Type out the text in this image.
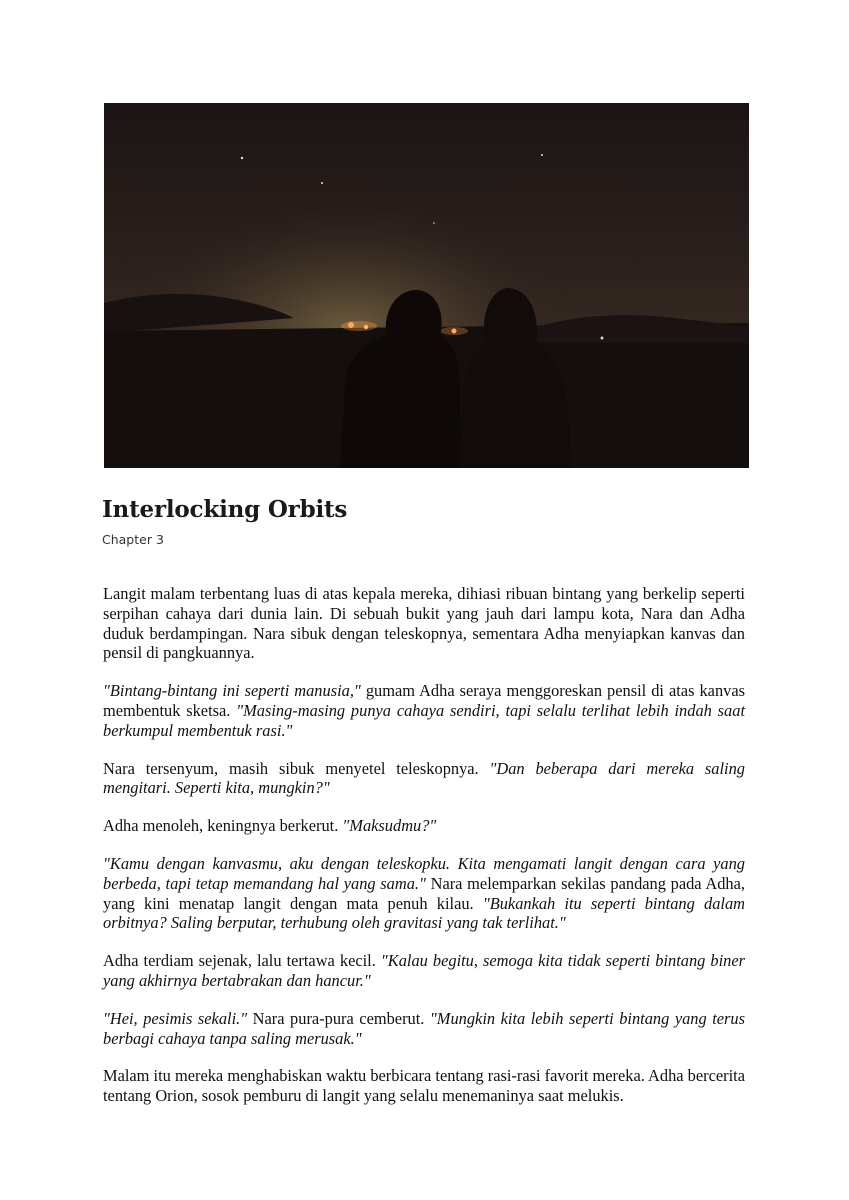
Interlocking Orbits
Chapter 3

Langit malam terbentang luas di atas kepala mereka, dihiasi ribuan bintang yang berkelip seperti serpihan cahaya dari dunia lain. Di sebuah bukit yang jauh dari lampu kota, Nara dan Adha duduk berdampingan. Nara sibuk dengan teleskopnya, sementara Adha menyiapkan kanvas dan pensil di pangkuannya.

"Bintang-bintang ini seperti manusia," gumam Adha seraya menggoreskan pensil di atas kanvas membentuk sketsa. "Masing-masing punya cahaya sendiri, tapi selalu terlihat lebih indah saat berkumpul membentuk rasi."

Nara tersenyum, masih sibuk menyetel teleskopnya. "Dan beberapa dari mereka saling mengitari. Seperti kita, mungkin?"

Adha menoleh, keningnya berkerut. "Maksudmu?"

"Kamu dengan kanvasmu, aku dengan teleskopku. Kita mengamati langit dengan cara yang berbeda, tapi tetap memandang hal yang sama." Nara melemparkan sekilas pandang pada Adha, yang kini menatap langit dengan mata penuh kilau. "Bukankah itu seperti bintang dalam orbitnya? Saling berputar, terhubung oleh gravitasi yang tak terlihat."

Adha terdiam sejenak, lalu tertawa kecil. "Kalau begitu, semoga kita tidak seperti bintang biner yang akhirnya bertabrakan dan hancur."

"Hei, pesimis sekali." Nara pura-pura cemberut. "Mungkin kita lebih seperti bintang yang terus berbagi cahaya tanpa saling merusak."

Malam itu mereka menghabiskan waktu berbicara tentang rasi-rasi favorit mereka. Adha bercerita tentang Orion, sosok pemburu di langit yang selalu menemaninya saat melukis.
